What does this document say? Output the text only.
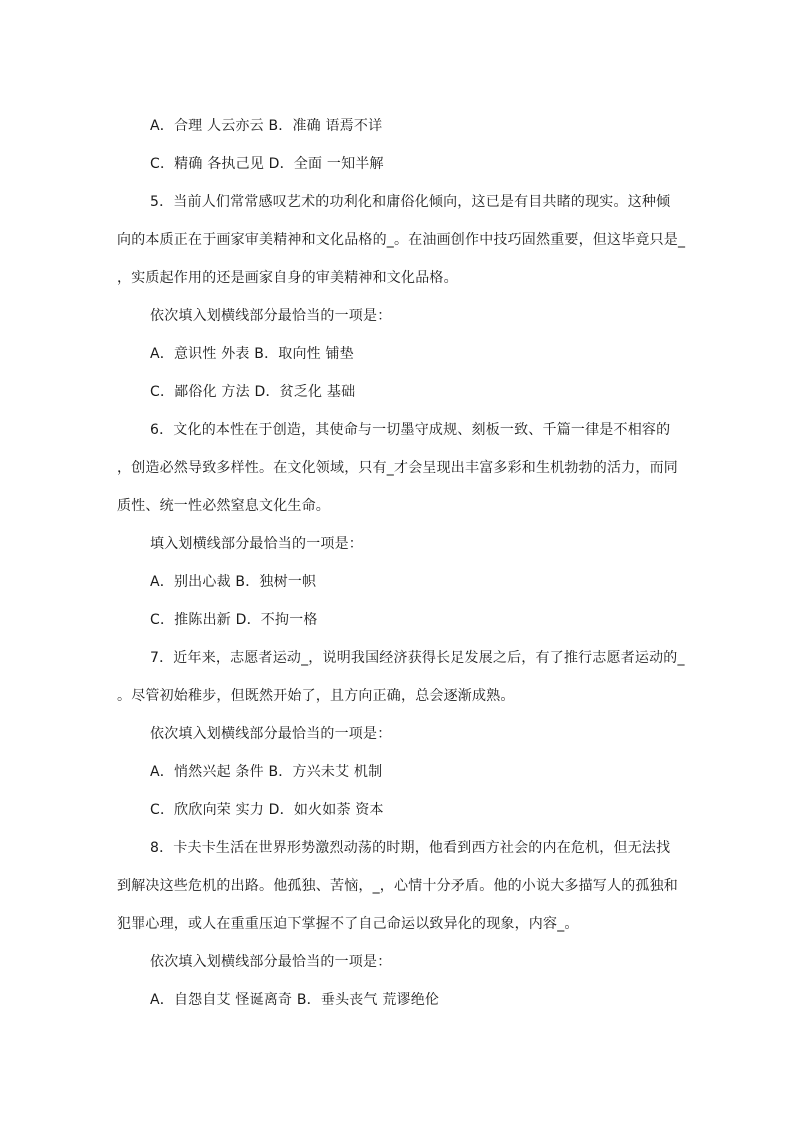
A．合理 人云亦云 B．准确 语焉不详
C．精确 各执己见 D．全面 一知半解
5．当前人们常常感叹艺术的功利化和庸俗化倾向，这已是有目共睹的现实。这种倾
向的本质正在于画家审美精神和文化品格的_。在油画创作中技巧固然重要，但这毕竟只是_
，实质起作用的还是画家自身的审美精神和文化品格。
依次填入划横线部分最恰当的一项是：
A．意识性 外表 B．取向性 铺垫
C．鄙俗化 方法 D．贫乏化 基础
6．文化的本性在于创造，其使命与一切墨守成规、刻板一致、千篇一律是不相容的
，创造必然导致多样性。在文化领域，只有_才会呈现出丰富多彩和生机勃勃的活力，而同
质性、统一性必然窒息文化生命。
填入划横线部分最恰当的一项是：
A．别出心裁 B．独树一帜
C．推陈出新 D．不拘一格
7．近年来，志愿者运动_，说明我国经济获得长足发展之后，有了推行志愿者运动的_
。尽管初始稚步，但既然开始了，且方向正确，总会逐渐成熟。
依次填入划横线部分最恰当的一项是：
A．悄然兴起 条件 B．方兴未艾 机制
C．欣欣向荣 实力 D．如火如荼 资本
8．卡夫卡生活在世界形势激烈动荡的时期，他看到西方社会的内在危机，但无法找
到解决这些危机的出路。他孤独、苦恼，_，心情十分矛盾。他的小说大多描写人的孤独和
犯罪心理，或人在重重压迫下掌握不了自己命运以致异化的现象，内容_。
依次填入划横线部分最恰当的一项是：
A．自怨自艾 怪诞离奇 B．垂头丧气 荒谬绝伦
